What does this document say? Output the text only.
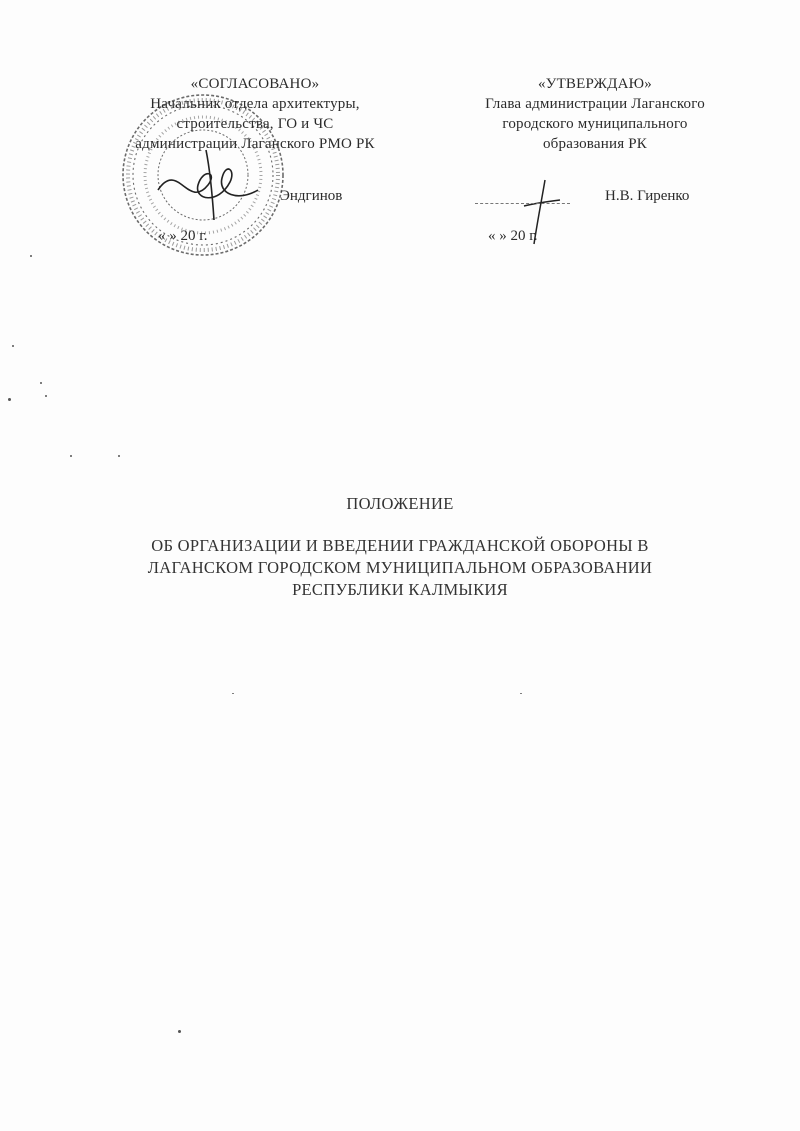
«СОГЛАСОВАНО»
Начальник отдела архитектуры,
строительства, ГО и ЧС
администрации Лаганского РМО РК
Эндгинов
« » 20 г.
«УТВЕРЖДАЮ»
Глава администрации Лаганского
городского муниципального
образования РК
Н.В. Гиренко
« » 20 г.
ПОЛОЖЕНИЕ
ОБ ОРГАНИЗАЦИИ И ВВЕДЕНИИ ГРАЖДАНСКОЙ ОБОРОНЫ В
ЛАГАНСКОМ ГОРОДСКОМ МУНИЦИПАЛЬНОМ ОБРАЗОВАНИИ
РЕСПУБЛИКИ КАЛМЫКИЯ
